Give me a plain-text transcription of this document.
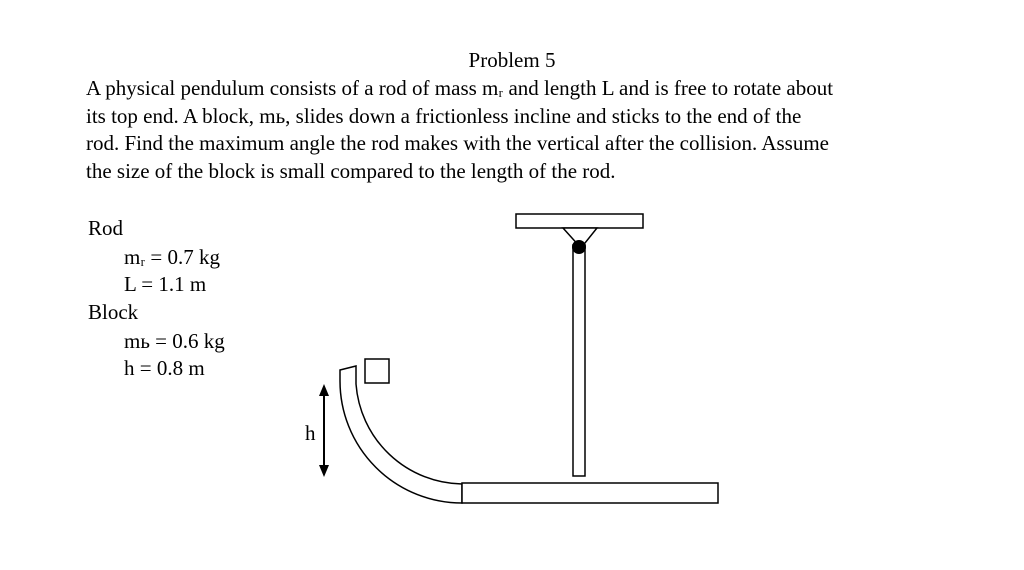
Problem 5
A physical pendulum consists of a rod of mass mᵣ and length L and is free to rotate about
its top end. A block, mь, slides down a frictionless incline and sticks to the end of the
rod. Find the maximum angle the rod makes with the vertical after the collision. Assume
the size of the block is small compared to the length of the rod.
Rod
mᵣ = 0.7 kg
L = 1.1 m
Block
mь = 0.6 kg
h = 0.8 m
h
